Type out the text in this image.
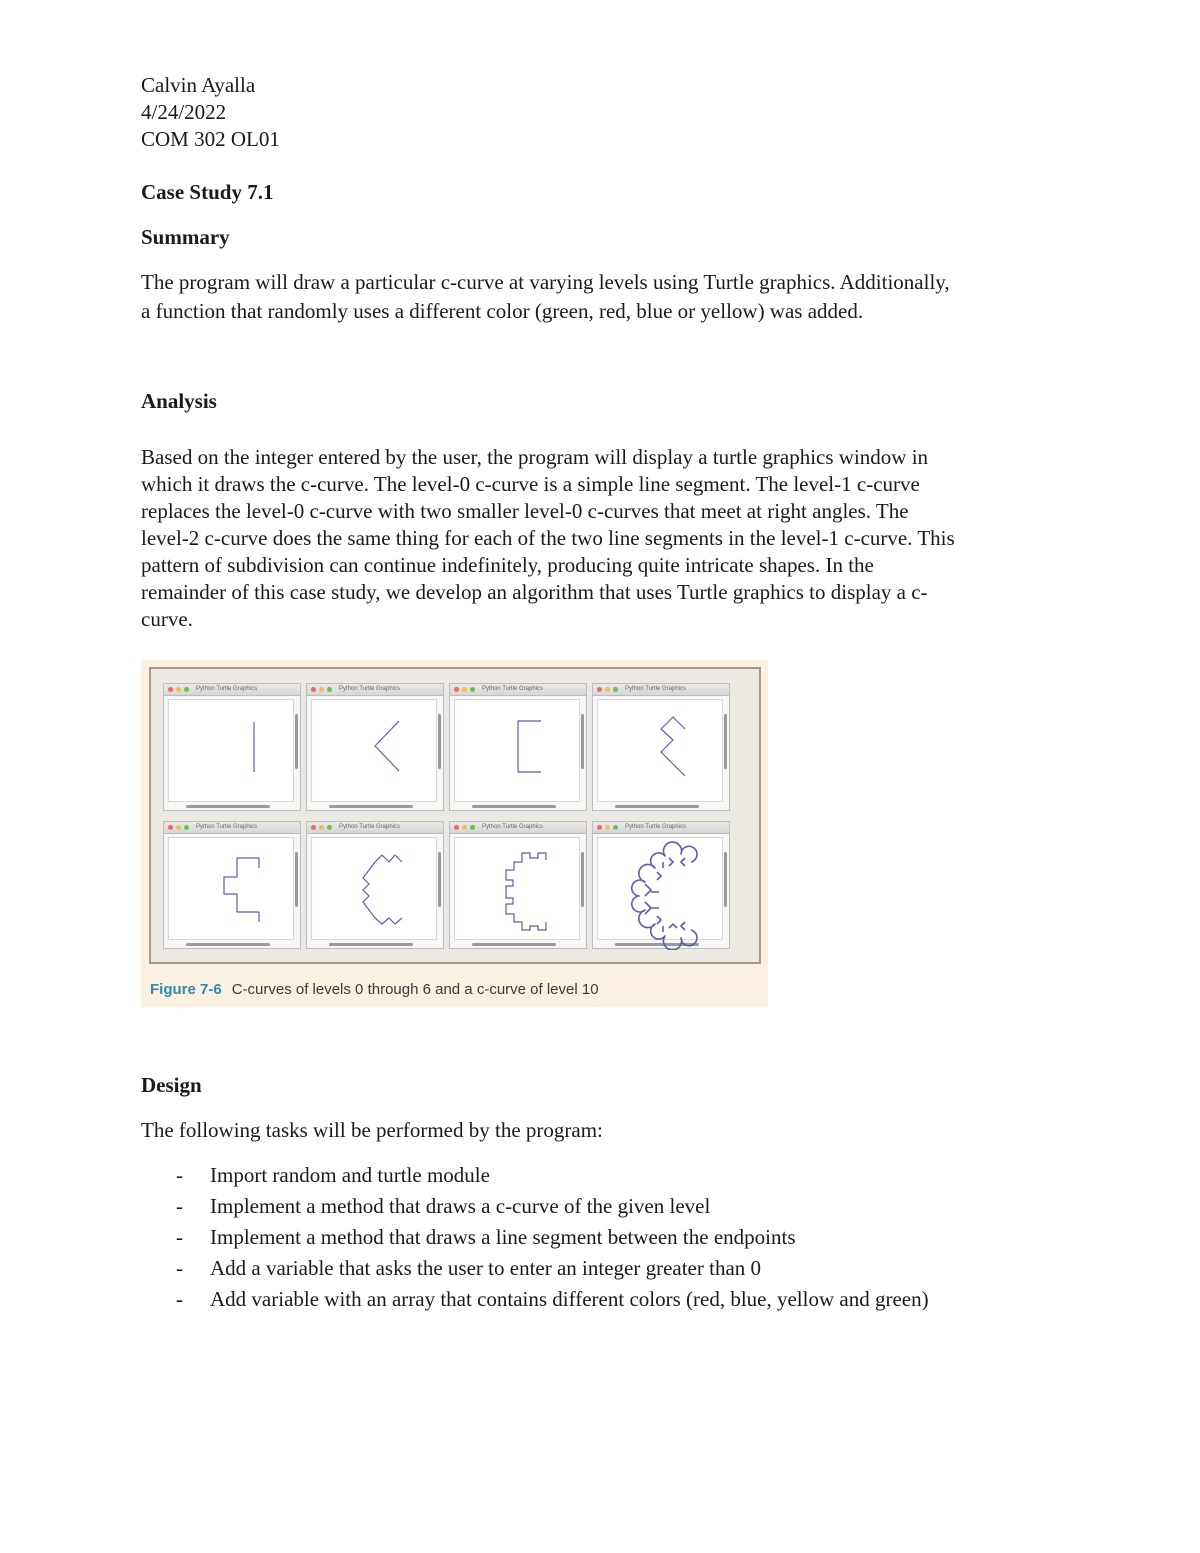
Calvin Ayalla

4/24/2022

COM 302 OL01

Case Study 7.1
Summary

The program will draw a particular c-curve at varying levels using Turtle graphics. Additionally,

a function that randomly uses a different color (green, red, blue or yellow) was added.

Analysis

Based on the integer entered by the user, the program will display a turtle graphics window in

which it draws the c-curve. The level-0 c-curve is a simple line segment. The level-1 c-curve

replaces the level-0 c-curve with two smaller level-0 c-curves that meet at right angles. The

level-2 c-curve does the same thing for each of the two line segments in the level-1 c-curve. This

pattern of subdivision can continue indefinitely, producing quite intricate shapes. In the

remainder of this case study, we develop an algorithm that uses Turtle graphics to display a c-

curve.

Python Turtle Graphics	Python Turtle Graphics	Python Turtle Graphics	Python Turtle Graphics
Python Turtle Graphics	Python Turtle Graphics	Python Turtle Graphics	Python Turtle Graphics
Figure 7-6 C-curves of levels 0 through 6 and a c-curve of level 10
Design

The following tasks will be performed by the program:

- Import random and turtle module
- Implement a method that draws a c-curve of the given level
- Implement a method that draws a line segment between the endpoints
- Add a variable that asks the user to enter an integer greater than 0
- Add variable with an array that contains different colors (red, blue, yellow and green)
